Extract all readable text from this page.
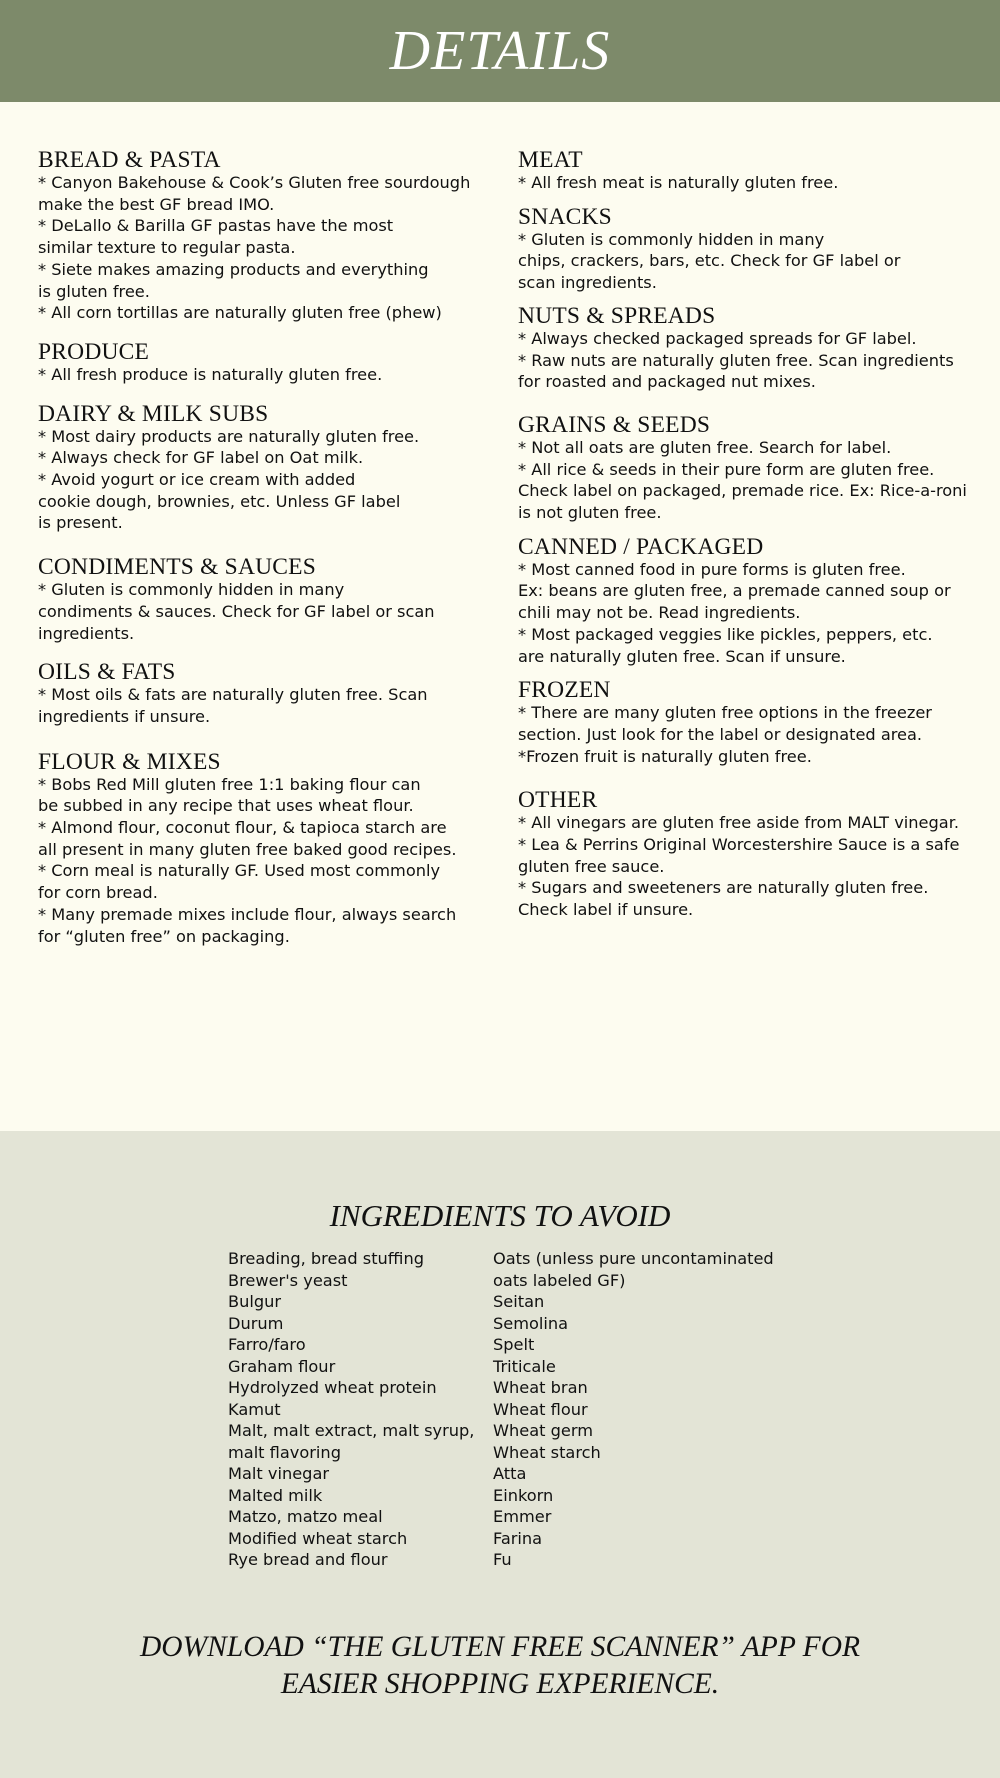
DETAILS
BREAD & PASTA
* Canyon Bakehouse & Cook’s Gluten free sourdough
make the best GF bread IMO.
* DeLallo & Barilla GF pastas have the most
similar texture to regular pasta.
* Siete makes amazing products and everything
is gluten free.
* All corn tortillas are naturally gluten free (phew)
PRODUCE
* All fresh produce is naturally gluten free.
DAIRY & MILK SUBS
* Most dairy products are naturally gluten free.
* Always check for GF label on Oat milk.
* Avoid yogurt or ice cream with added
cookie dough, brownies, etc. Unless GF label
is present.
CONDIMENTS & SAUCES
* Gluten is commonly hidden in many
condiments & sauces. Check for GF label or scan
ingredients.
OILS & FATS
* Most oils & fats are naturally gluten free. Scan
ingredients if unsure.
FLOUR & MIXES
* Bobs Red Mill gluten free 1:1 baking flour can
be subbed in any recipe that uses wheat flour.
* Almond flour, coconut flour, & tapioca starch are
all present in many gluten free baked good recipes.
* Corn meal is naturally GF. Used most commonly
for corn bread.
* Many premade mixes include flour, always search
for “gluten free” on packaging.
MEAT
* All fresh meat is naturally gluten free.
SNACKS
* Gluten is commonly hidden in many
chips, crackers, bars, etc. Check for GF label or
scan ingredients.
NUTS & SPREADS
* Always checked packaged spreads for GF label.
* Raw nuts are naturally gluten free. Scan ingredients
for roasted and packaged nut mixes.
GRAINS & SEEDS
* Not all oats are gluten free. Search for label.
* All rice & seeds in their pure form are gluten free.
Check label on packaged, premade rice. Ex: Rice-a-roni
is not gluten free.
CANNED / PACKAGED
* Most canned food in pure forms is gluten free.
Ex: beans are gluten free, a premade canned soup or
chili may not be. Read ingredients.
* Most packaged veggies like pickles, peppers, etc.
are naturally gluten free. Scan if unsure.
FROZEN
* There are many gluten free options in the freezer
section. Just look for the label or designated area.
*Frozen fruit is naturally gluten free.
OTHER
* All vinegars are gluten free aside from MALT vinegar.
* Lea & Perrins Original Worcestershire Sauce is a safe
gluten free sauce.
* Sugars and sweeteners are naturally gluten free.
Check label if unsure.
INGREDIENTS TO AVOID
Breading, bread stuffing
Brewer's yeast
Bulgur
Durum
Farro/faro
Graham flour
Hydrolyzed wheat protein
Kamut
Malt, malt extract, malt syrup,
malt flavoring
Malt vinegar
Malted milk
Matzo, matzo meal
Modified wheat starch
Rye bread and flour
Oats (unless pure uncontaminated
oats labeled GF)
Seitan
Semolina
Spelt
Triticale
Wheat bran
Wheat flour
Wheat germ
Wheat starch
Atta
Einkorn
Emmer
Farina
Fu
DOWNLOAD “THE GLUTEN FREE SCANNER” APP FOR
EASIER SHOPPING EXPERIENCE.
